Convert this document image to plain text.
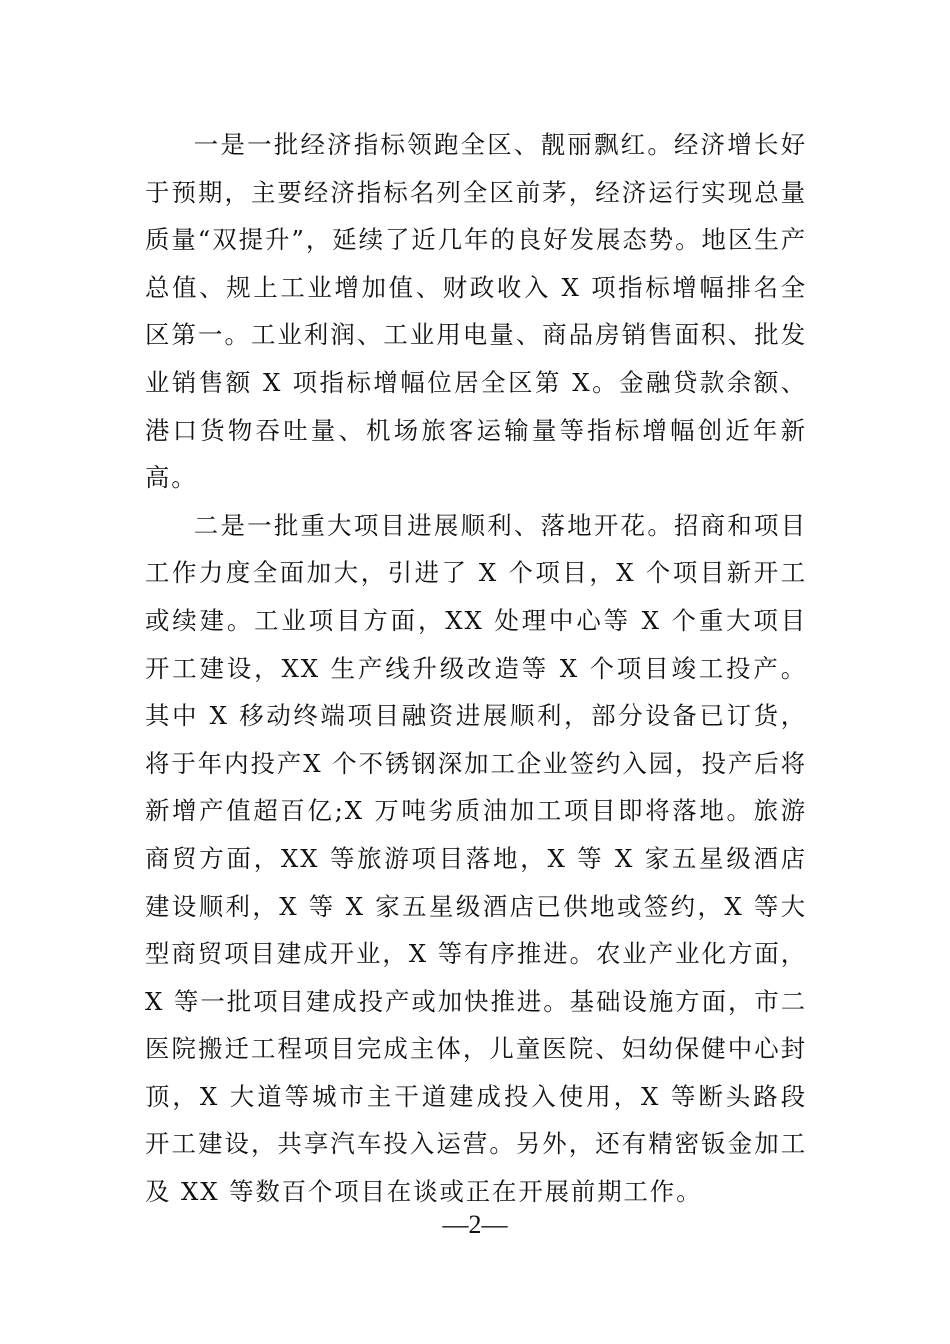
一是一批经济指标领跑全区、靓丽飘红。经济增长好于预期，主要经济指标名列全区前茅，经济运行实现总量质量“双提升”，延续了近几年的良好发展态势。地区生产总值、规上工业增加值、财政收入 X 项指标增幅排名全区第一。工业利润、工业用电量、商品房销售面积、批发业销售额 X 项指标增幅位居全区第 X。金融贷款余额、港口货物吞吐量、机场旅客运输量等指标增幅创近年新高。

二是一批重大项目进展顺利、落地开花。招商和项目工作力度全面加大，引进了 X 个项目，X 个项目新开工或续建。工业项目方面，XX 处理中心等 X 个重大项目开工建设，XX 生产线升级改造等 X 个项目竣工投产。其中 X 移动终端项目融资进展顺利，部分设备已订货，将于年内投产X 个不锈钢深加工企业签约入园，投产后将新增产值超百亿;X 万吨劣质油加工项目即将落地。旅游商贸方面，XX 等旅游项目落地，X 等 X 家五星级酒店建设顺利，X 等 X 家五星级酒店已供地或签约，X 等大型商贸项目建成开业，X 等有序推进。农业产业化方面，X 等一批项目建成投产或加快推进。基础设施方面，市二医院搬迁工程项目完成主体，儿童医院、妇幼保健中心封顶，X 大道等城市主干道建成投入使用，X 等断头路段开工建设，共享汽车投入运营。另外，还有精密钣金加工及 XX 等数百个项目在谈或正在开展前期工作。

—2—
